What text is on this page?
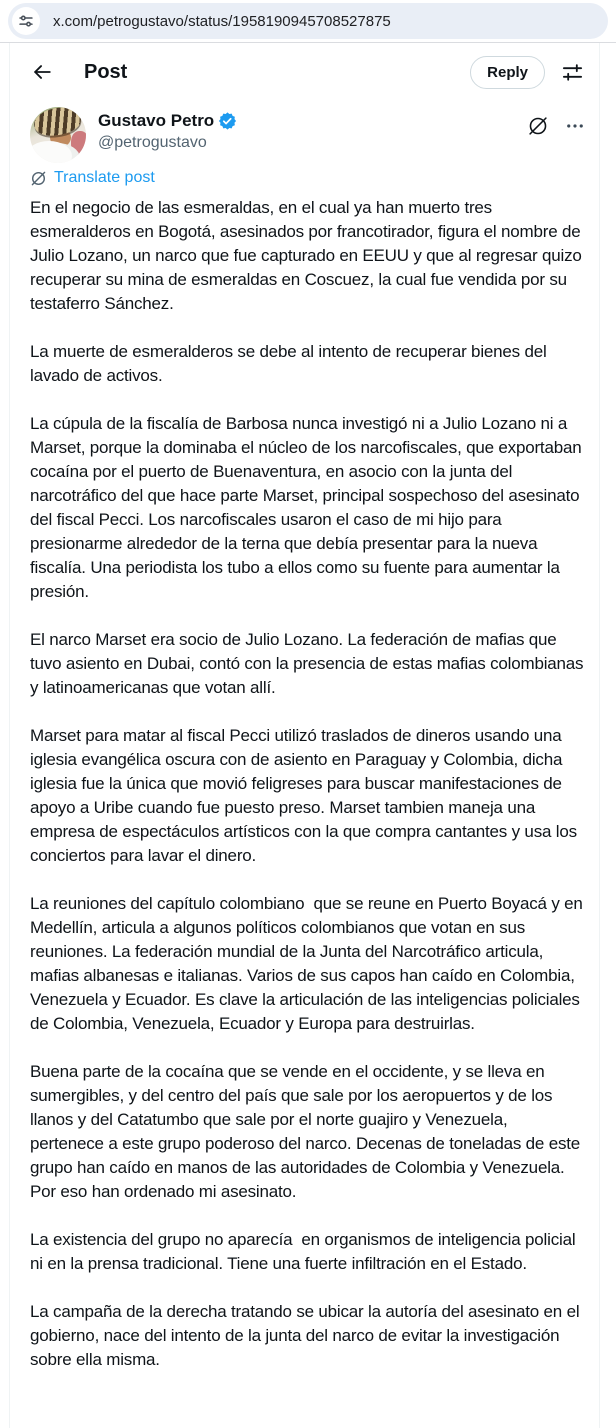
x.com/petrogustavo/status/1958190945708527875
Post	Reply
Gustavo Petro
@petrogustavo
Translate post

En el negocio de las esmeraldas, en el cual ya han muerto tres esmeralderos en Bogotá, asesinados por francotirador, figura el nombre de Julio Lozano, un narco que fue capturado en EEUU y que al regresar quizo recuperar su mina de esmeraldas en Coscuez, la cual fue vendida por su testaferro Sánchez.

La muerte de esmeralderos se debe al intento de recuperar bienes del lavado de activos.

La cúpula de la fiscalía de Barbosa nunca investigó ni a Julio Lozano ni a Marset, porque la dominaba el núcleo de los narcofiscales, que exportaban cocaína por el puerto de Buenaventura, en asocio con la junta del narcotráfico del que hace parte Marset, principal sospechoso del asesinato del fiscal Pecci. Los narcofiscales usaron el caso de mi hijo para presionarme alrededor de la terna que debía presentar para la nueva fiscalía. Una periodista los tubo a ellos como su fuente para aumentar la presión.

El narco Marset era socio de Julio Lozano. La federación de mafias que tuvo asiento en Dubai, contó con la presencia de estas mafias colombianas y latinoamericanas que votan allí.

Marset para matar al fiscal Pecci utilizó traslados de dineros usando una iglesia evangélica oscura con de asiento en Paraguay y Colombia, dicha iglesia fue la única que movió feligreses para buscar manifestaciones de apoyo a Uribe cuando fue puesto preso. Marset tambien maneja una empresa de espectáculos artísticos con la que compra cantantes y usa los conciertos para lavar el dinero.

La reuniones del capítulo colombiano  que se reune en Puerto Boyacá y en Medellín, articula a algunos políticos colombianos que votan en sus reuniones. La federación mundial de la Junta del Narcotráfico articula, mafias albanesas e italianas. Varios de sus capos han caído en Colombia, Venezuela y Ecuador. Es clave la articulación de las inteligencias policiales de Colombia, Venezuela, Ecuador y Europa para destruirlas.

Buena parte de la cocaína que se vende en el occidente, y se lleva en sumergibles, y del centro del país que sale por los aeropuertos y de los llanos y del Catatumbo que sale por el norte guajiro y Venezuela, pertenece a este grupo poderoso del narco. Decenas de toneladas de este grupo han caído en manos de las autoridades de Colombia y Venezuela. Por eso han ordenado mi asesinato.

La existencia del grupo no aparecía  en organismos de inteligencia policial ni en la prensa tradicional. Tiene una fuerte infiltración en el Estado.

La campaña de la derecha tratando se ubicar la autoría del asesinato en el gobierno, nace del intento de la junta del narco de evitar la investigación sobre ella misma.
